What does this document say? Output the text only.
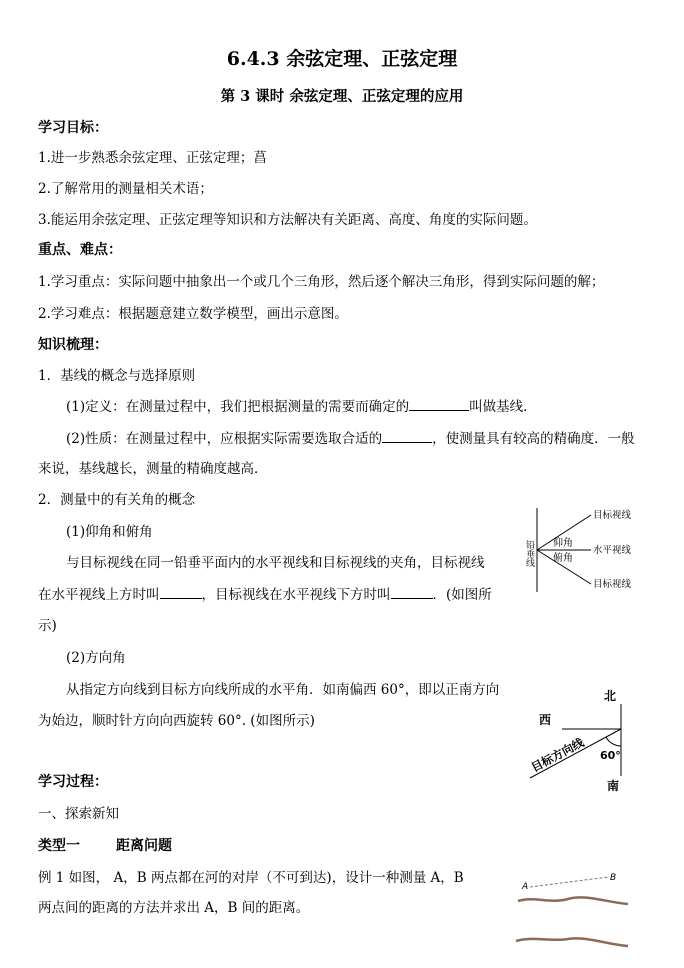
6.4.3 余弦定理、正弦定理
第 3 课时 余弦定理、正弦定理的应用
学习目标：
1.进一步熟悉余弦定理、正弦定理；菖
2.了解常用的测量相关术语；
3.能运用余弦定理、正弦定理等知识和方法解决有关距离、高度、角度的实际问题。
重点、难点：
1.学习重点：实际问题中抽象出一个或几个三角形，然后逐个解决三角形，得到实际问题的解；
2.学习难点：根据题意建立数学模型，画出示意图。
知识梳理：
1．基线的概念与选择原则
(1)定义：在测量过程中，我们把根据测量的需要而确定的	叫做基线．
(2)性质：在测量过程中，应根据实际需要选取合适的	，使测量具有较高的精确度．一般
来说，基线越长，测量的精确度越高．
2．测量中的有关角的概念
(1)仰角和俯角
与目标视线在同一铅垂平面内的水平视线和目标视线的夹角，目标视线
在水平视线上方时叫	，目标视线在水平视线下方时叫	．(如图所
示)
(2)方向角
从指定方向线到目标方向线所成的水平角．如南偏西 60°，即以正南方向
为始边，顺时针方向向西旋转 60°. (如图所示)
学习过程：
一、探索新知
类型一	距离问题
例 1 如图， A，B 两点都在河的对岸（不可到达)，设计一种测量 A，B
两点间的距离的方法并求出 A，B 间的距离。
铅垂线
目标视线
水平视线
目标视线
仰角
俯角
北
西
南
60°
目标方向线
A
B
